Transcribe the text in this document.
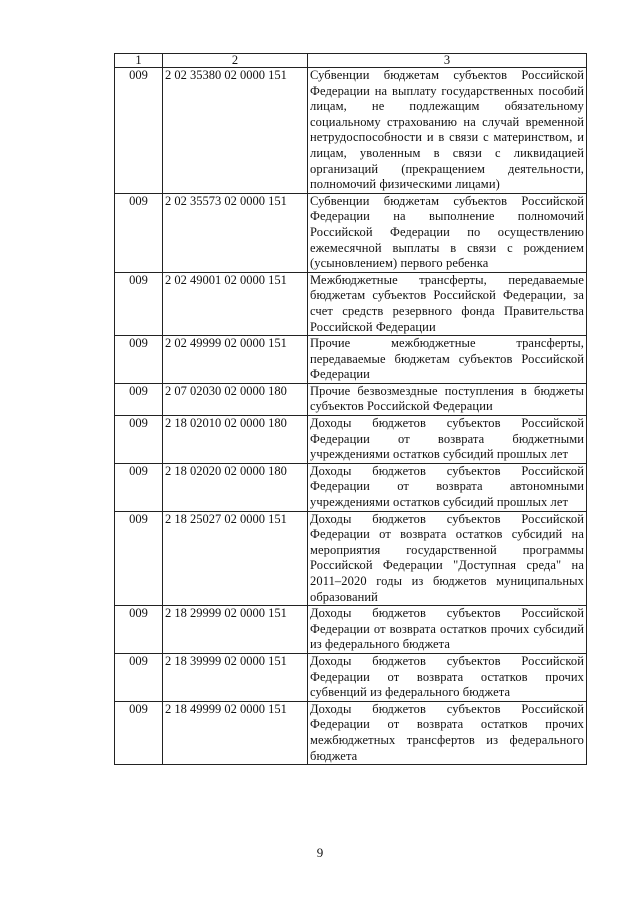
1	2	3
009	2 02 35380 02 0000 151	Субвенции бюджетам субъектов Российской Федерации на выплату государственных пособий лицам, не подлежащим обязательному социальному страхованию на случай временной нетрудоспособности и в связи с материнством, и лицам, уволенным в связи с ликвидацией организаций (прекращением деятельности, полномочий физическими лицами)
009	2 02 35573 02 0000 151	Субвенции бюджетам субъектов Российской Федерации на выполнение полномочий Российской Федерации по осуществлению ежемесячной выплаты в связи с рождением (усыновлением) первого ребенка
009	2 02 49001 02 0000 151	Межбюджетные трансферты, передаваемые бюджетам субъектов Российской Федерации, за счет средств резервного фонда Правительства Российской Федерации
009	2 02 49999 02 0000 151	Прочие межбюджетные трансферты, передаваемые бюджетам субъектов Российской Федерации
009	2 07 02030 02 0000 180	Прочие безвозмездные поступления в бюджеты субъектов Российской Федерации
009	2 18 02010 02 0000 180	Доходы бюджетов субъектов Российской Федерации от возврата бюджетными учреждениями остатков субсидий прошлых лет
009	2 18 02020 02 0000 180	Доходы бюджетов субъектов Российской Федерации от возврата автономными учреждениями остатков субсидий прошлых лет
009	2 18 25027 02 0000 151	Доходы бюджетов субъектов Российской Федерации от возврата остатков субсидий на мероприятия государственной программы Российской Федерации "Доступная среда" на 2011–2020 годы из бюджетов муниципальных образований
009	2 18 29999 02 0000 151	Доходы бюджетов субъектов Российской Федерации от возврата остатков прочих субсидий из федерального бюджета
009	2 18 39999 02 0000 151	Доходы бюджетов субъектов Российской Федерации от возврата остатков прочих субвенций из федерального бюджета
009	2 18 49999 02 0000 151	Доходы бюджетов субъектов Российской Федерации от возврата остатков прочих межбюджетных трансфертов из федерального бюджета
9
